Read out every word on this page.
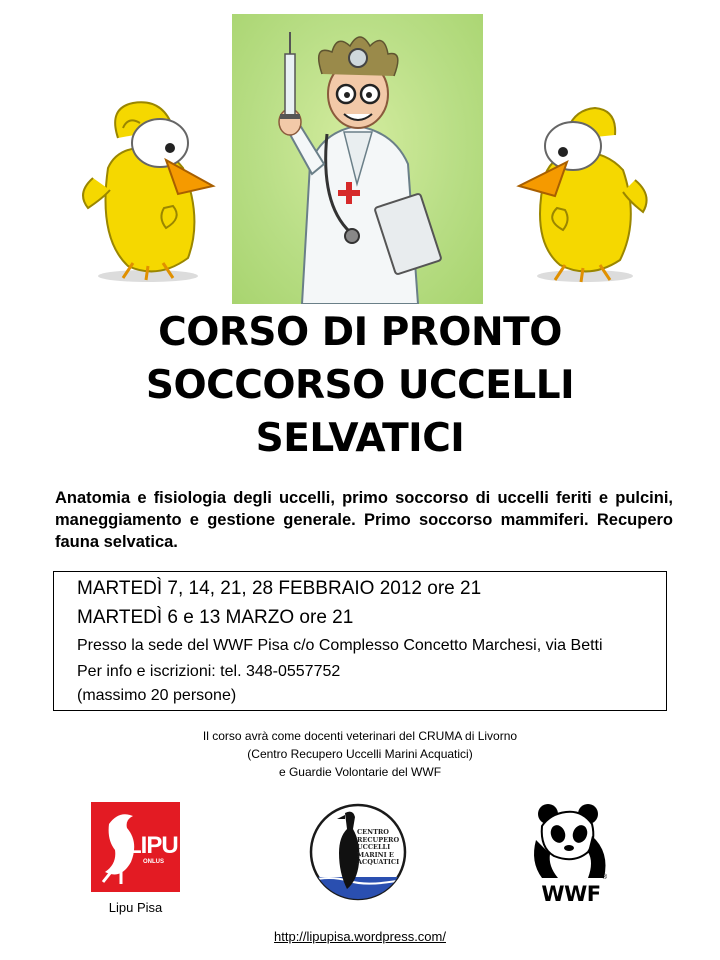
CORSO DI PRONTO
SOCCORSO UCCELLI
SELVATICI
Anatomia e fisiologia degli uccelli, primo soccorso di uccelli feriti e pulcini, maneggiamento e gestione generale. Primo soccorso mammiferi. Recupero fauna selvatica.
MARTEDÌ 7, 14, 21, 28 FEBBRAIO 2012 ore 21
MARTEDÌ 6 e 13 MARZO ore 21
Presso la sede del WWF Pisa c/o Complesso Concetto Marchesi, via Betti
Per info e iscrizioni: tel. 348-0557752
(massimo 20 persone)
Il corso avrà come docenti veterinari del CRUMA di Livorno
(Centro Recupero Uccelli Marini Acquatici)
e Guardie Volontarie del WWF
LIPU
ONLUS
Lipu Pisa
CENTRO
RECUPERO
UCCELLI
MARINI E
ACQUATICI
®
WWF
http://lipupisa.wordpress.com/
